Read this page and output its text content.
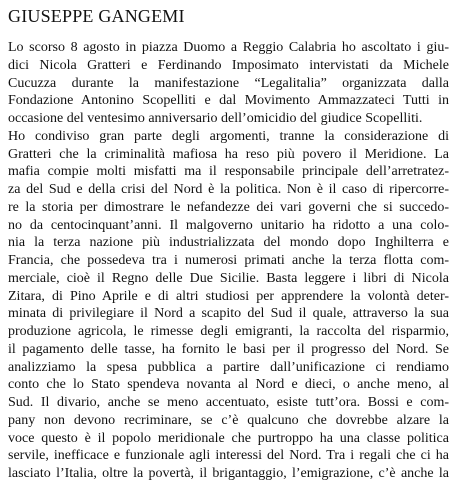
GIUSEPPE GANGEMI
Lo scorso 8 agosto in piazza Duomo a Reggio Calabria ho ascoltato i giu-
dici Nicola Gratteri e Ferdinando Imposimato intervistati da Michele
Cucuzza durante la manifestazione “Legalitalia” organizzata dalla
Fondazione Antonino Scopelliti e dal Movimento Ammazzateci Tutti in
occasione del ventesimo anniversario dell’omicidio del giudice Scopelliti.
Ho condiviso gran parte degli argomenti, tranne la considerazione di
Gratteri che la criminalità mafiosa ha reso più povero il Meridione. La
mafia compie molti misfatti ma il responsabile principale dell’arretratez-
za del Sud e della crisi del Nord è la politica. Non è il caso di ripercorre-
re la storia per dimostrare le nefandezze dei vari governi che si succedo-
no da centocinquant’anni. Il malgoverno unitario ha ridotto a una colo-
nia la terza nazione più industrializzata del mondo dopo Inghilterra e
Francia, che possedeva tra i numerosi primati anche la terza flotta com-
merciale, cioè il Regno delle Due Sicilie. Basta leggere i libri di Nicola
Zitara, di Pino Aprile e di altri studiosi per apprendere la volontà deter-
minata di privilegiare il Nord a scapito del Sud il quale, attraverso la sua
produzione agricola, le rimesse degli emigranti, la raccolta del risparmio,
il pagamento delle tasse, ha fornito le basi per il progresso del Nord. Se
analizziamo la spesa pubblica a partire dall’unificazione ci rendiamo
conto che lo Stato spendeva novanta al Nord e dieci, o anche meno, al
Sud. Il divario, anche se meno accentuato, esiste tutt’ora. Bossi e com-
pany non devono recriminare, se c’è qualcuno che dovrebbe alzare la
voce questo è il popolo meridionale che purtroppo ha una classe politica
servile, inefficace e funzionale agli interessi del Nord. Tra i regali che ci ha
lasciato l’Italia, oltre la povertà, il brigantaggio, l’emigrazione, c’è anche la
